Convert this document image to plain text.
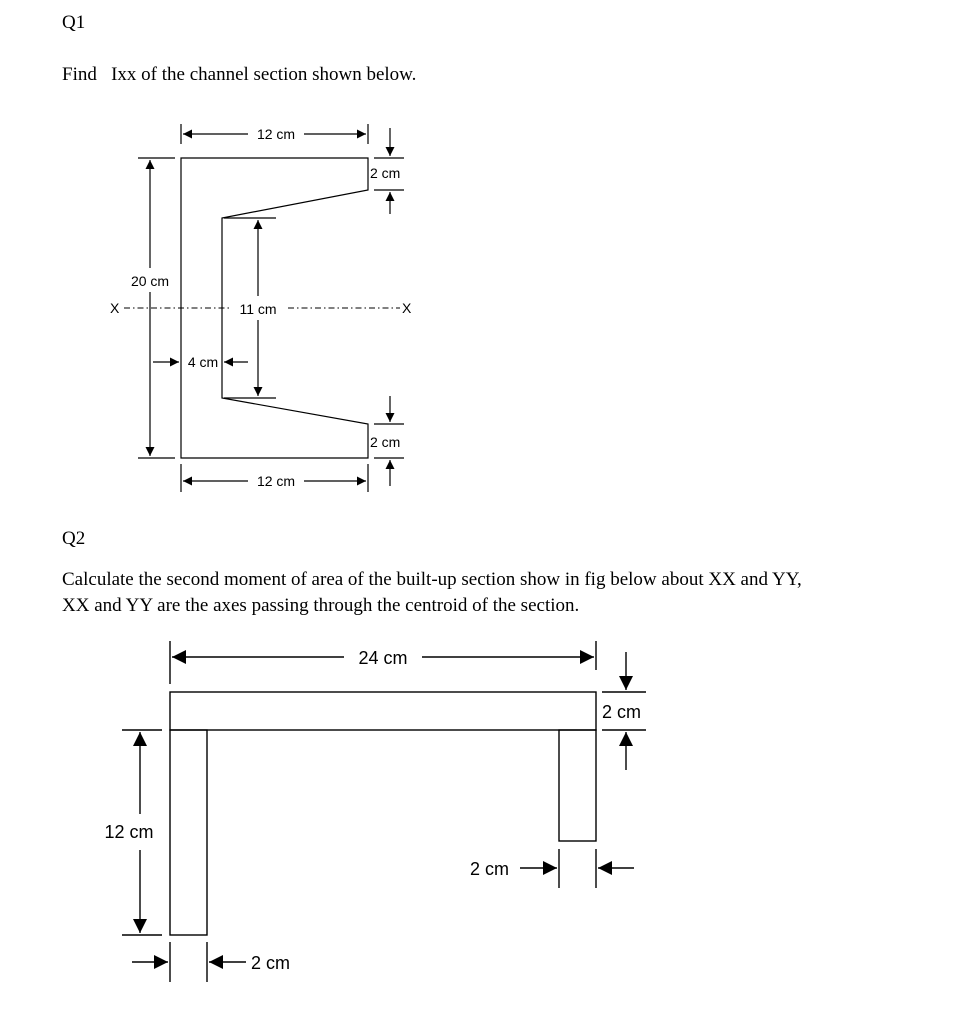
Q1
Find   Ixx of the channel section shown below.
Q2
Calculate the second moment of area of the built-up section show in fig below about XX and YY,
XX and YY are the axes passing through the centroid of the section.
12 cm
2 cm
20 cm
11 cm
4 cm
2 cm
12 cm
X	X
24 cm
2 cm
12 cm
2 cm
2 cm
